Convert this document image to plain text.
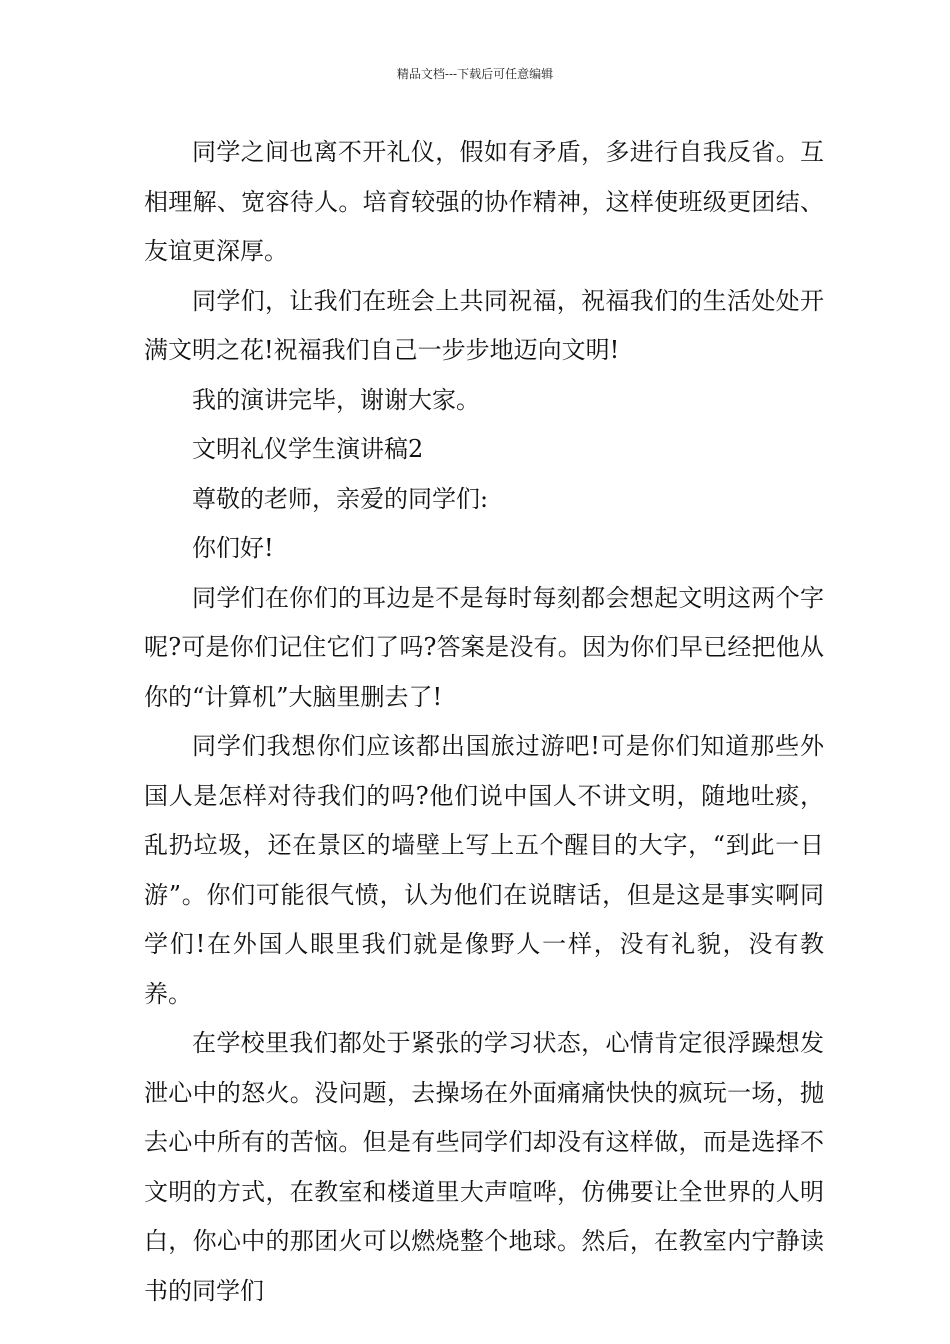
精品文档---下载后可任意编辑

同学之间也离不开礼仪，假如有矛盾，多进行自我反省。互相理解、宽容待人。培育较强的协作精神，这样使班级更团结、友谊更深厚。

同学们，让我们在班会上共同祝福，祝福我们的生活处处开满文明之花!祝福我们自己一步步地迈向文明!

我的演讲完毕，谢谢大家。

文明礼仪学生演讲稿2

尊敬的老师，亲爱的同学们:

你们好!

同学们在你们的耳边是不是每时每刻都会想起文明这两个字呢?可是你们记住它们了吗?答案是没有。因为你们早已经把他从你的“计算机”大脑里删去了!

同学们我想你们应该都出国旅过游吧!可是你们知道那些外国人是怎样对待我们的吗?他们说中国人不讲文明，随地吐痰，乱扔垃圾，还在景区的墙壁上写上五个醒目的大字，“到此一日游”。你们可能很气愤，认为他们在说瞎话，但是这是事实啊同学们!在外国人眼里我们就是像野人一样，没有礼貌，没有教养。

在学校里我们都处于紧张的学习状态，心情肯定很浮躁想发泄心中的怒火。没问题，去操场在外面痛痛快快的疯玩一场，抛去心中所有的苦恼。但是有些同学们却没有这样做，而是选择不文明的方式，在教室和楼道里大声喧哗，仿佛要让全世界的人明白，你心中的那团火可以燃烧整个地球。然后，在教室内宁静读书的同学们
